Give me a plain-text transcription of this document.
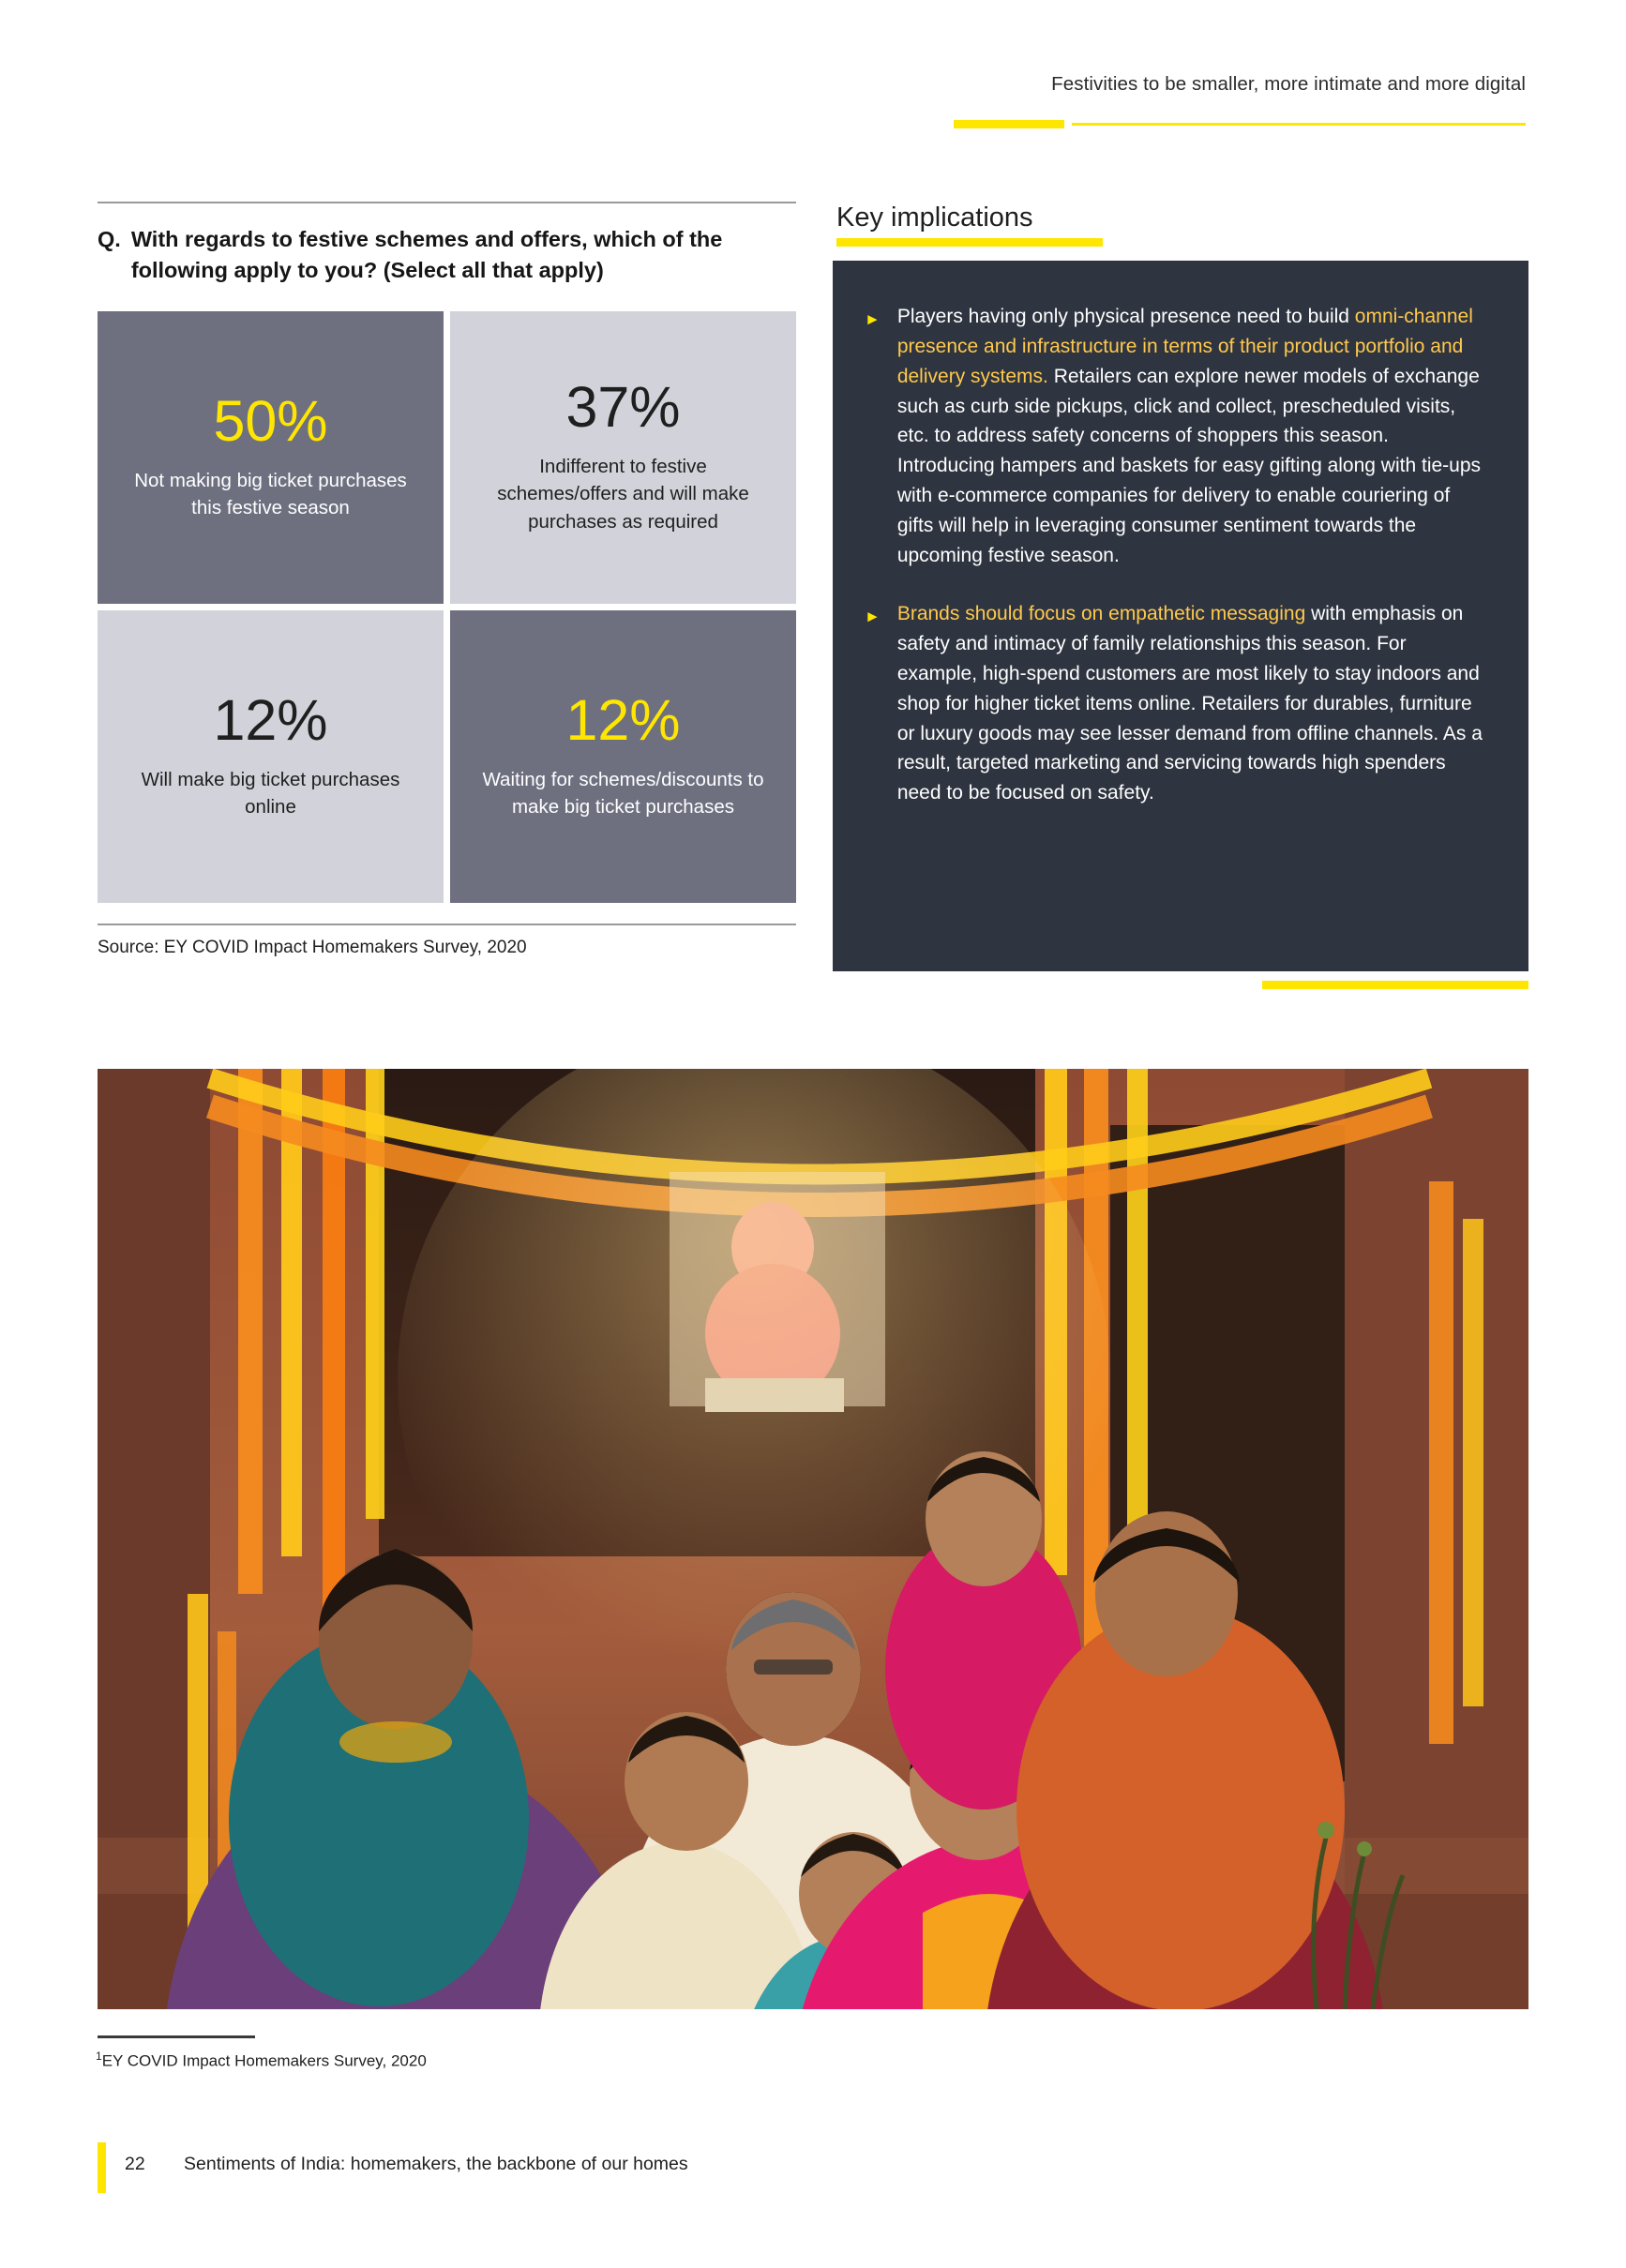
Festivities to be smaller, more intimate and more digital
Q. With regards to festive schemes and offers, which of the following apply to you? (Select all that apply)
50%
Not making big ticket purchases this festive season
37%
Indifferent to festive schemes/offers and will make purchases as required
12%
Will make big ticket purchases online
12%
Waiting for schemes/discounts to make big ticket purchases
Source: EY COVID Impact Homemakers Survey, 2020
Key implications
► Players having only physical presence need to build omni-channel presence and infrastructure in terms of their product portfolio and delivery systems. Retailers can explore newer models of exchange such as curb side pickups, click and collect, prescheduled visits, etc. to address safety concerns of shoppers this season. Introducing hampers and baskets for easy gifting along with tie-ups with e-commerce companies for delivery to enable couriering of gifts will help in leveraging consumer sentiment towards the upcoming festive season.
► Brands should focus on empathetic messaging with emphasis on safety and intimacy of family relationships this season. For example, high-spend customers are most likely to stay indoors and shop for higher ticket items online. Retailers for durables, furniture or luxury goods may see lesser demand from offline channels. As a result, targeted marketing and servicing towards high spenders need to be focused on safety.
$^1$EY COVID Impact Homemakers Survey, 2020
22 Sentiments of India: homemakers, the backbone of our homes
